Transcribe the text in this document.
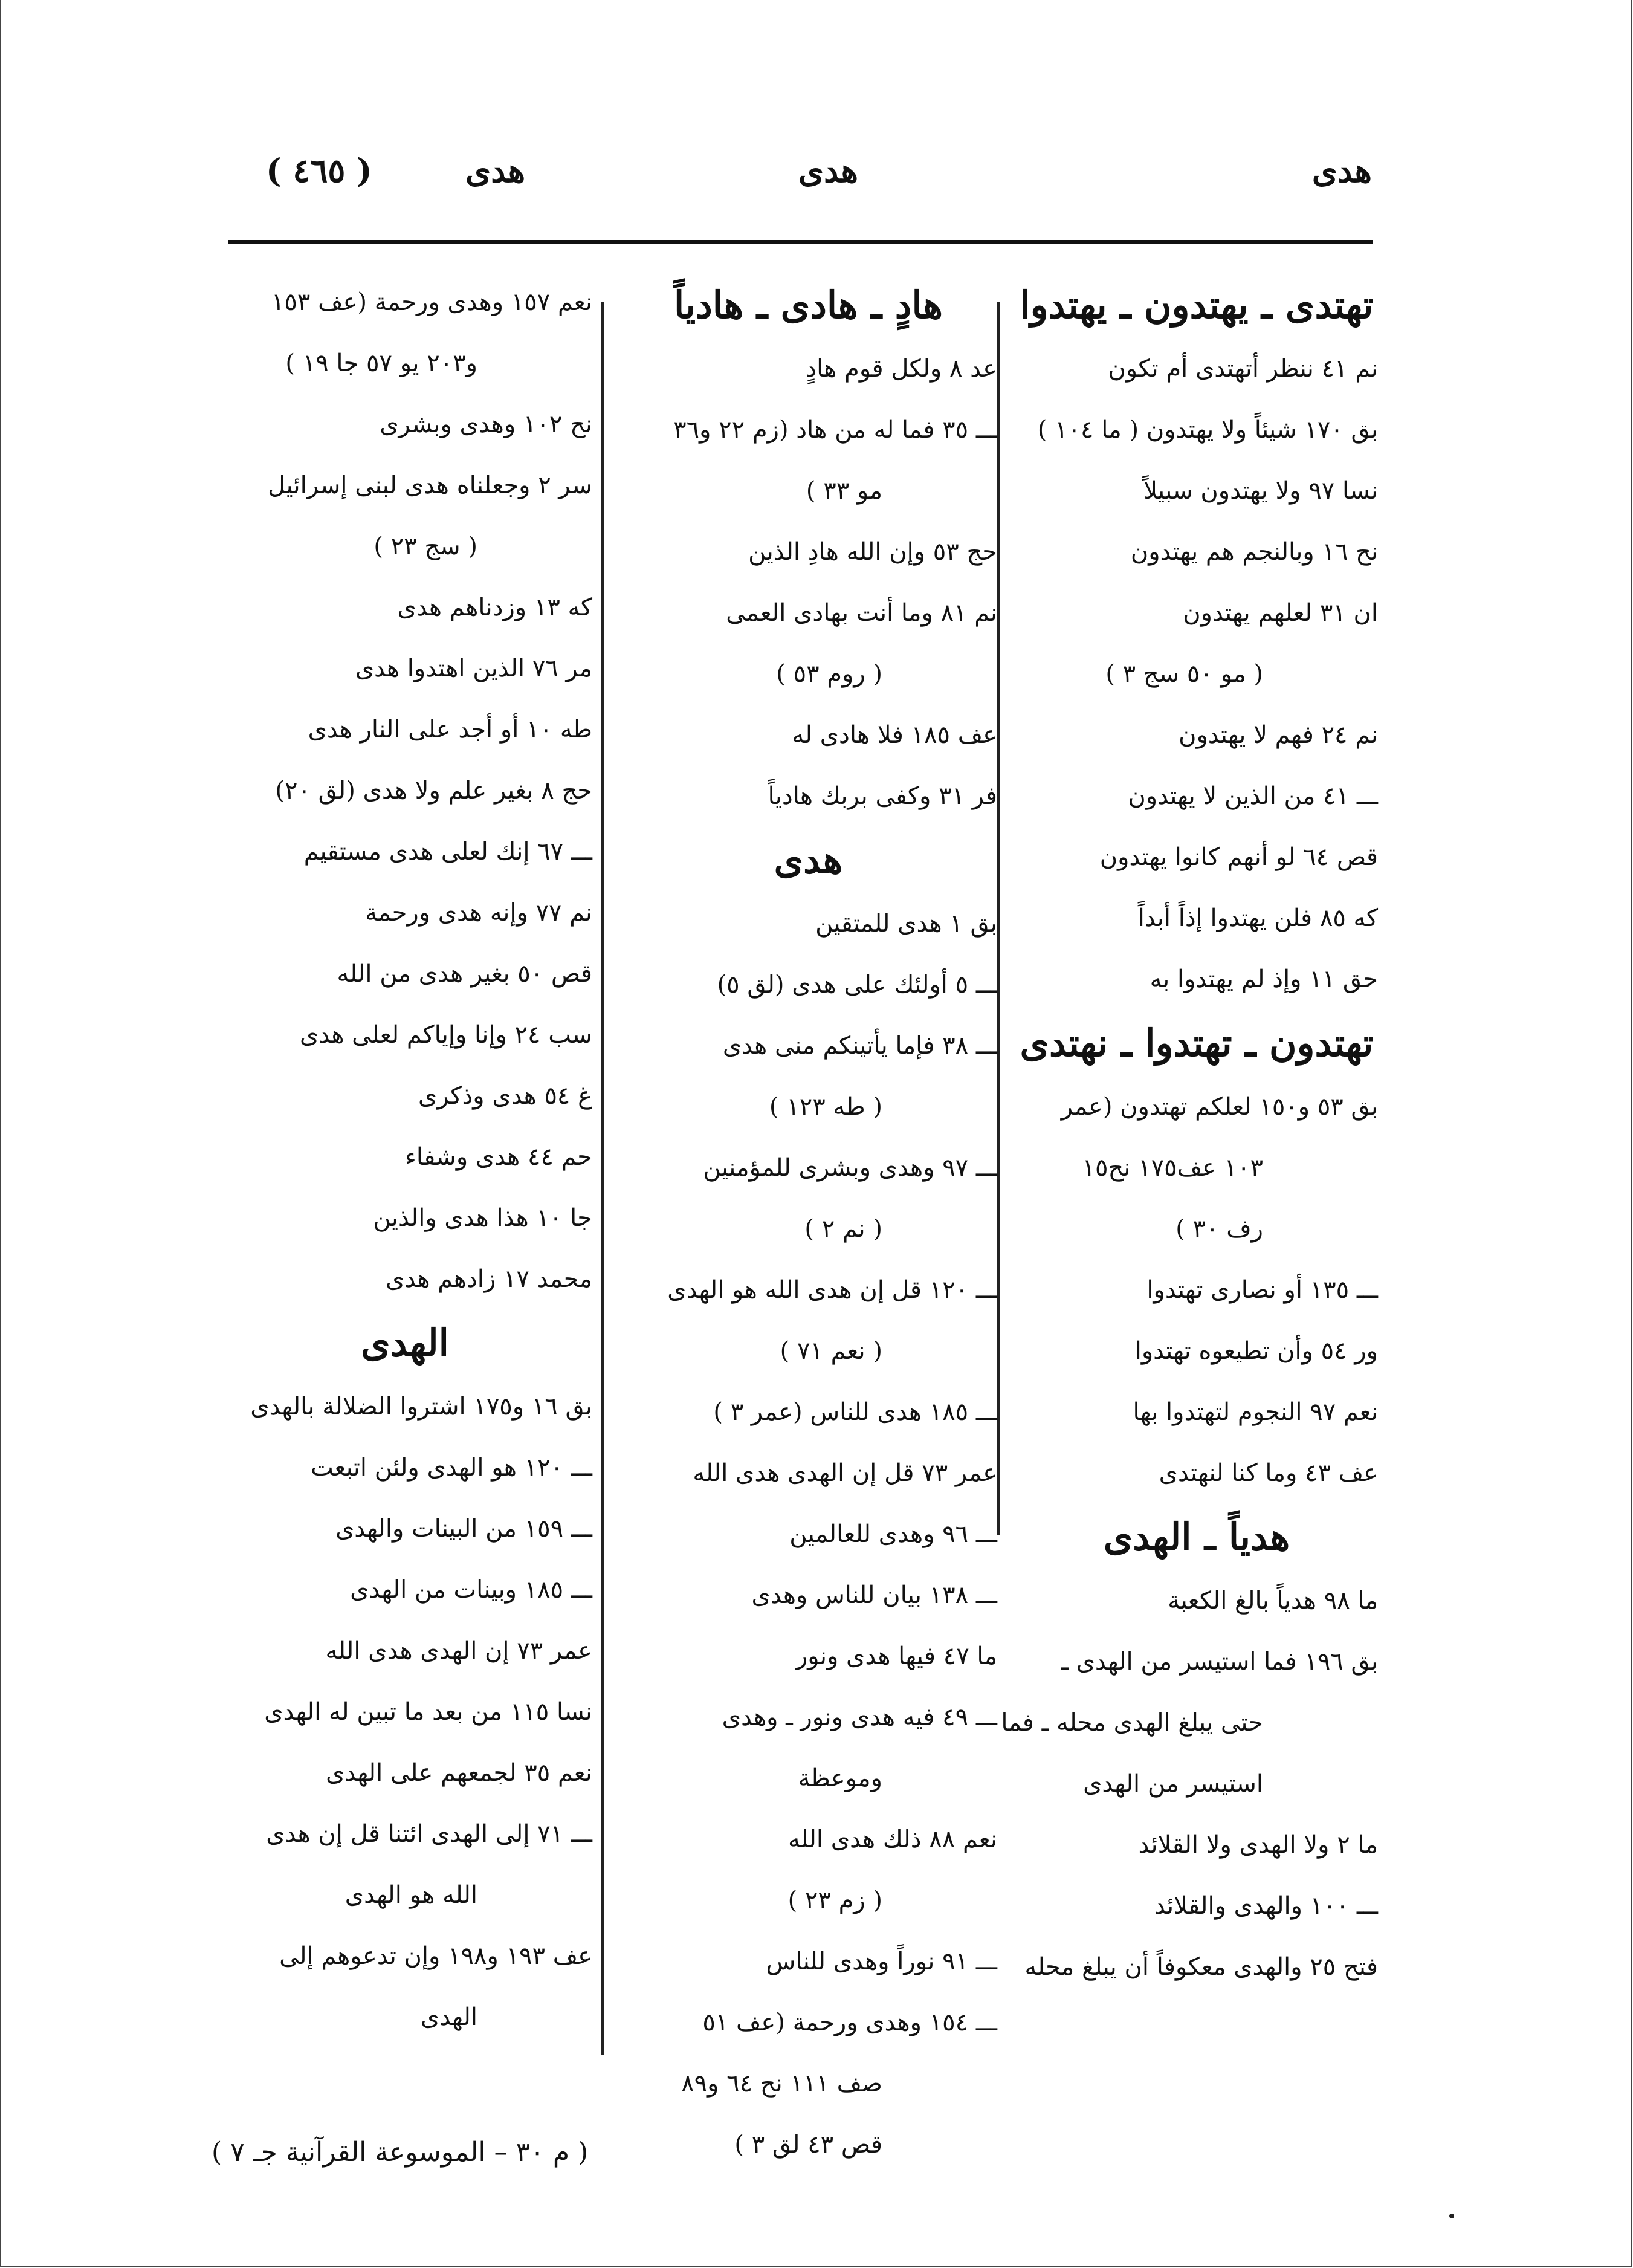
هدى
هدى
هدى
( ٤٦٥ )
تهتدى ـ يهتدون ـ يهتدوا
نم ٤١ ننظر أتهتدى أم تكون
بق ١٧٠ شيئاً ولا يهتدون ( ما ١٠٤ )
نسا ٩٧ ولا يهتدون سبيلاً
نح ١٦ وبالنجم هم يهتدون
ان ٣١ لعلهم يهتدون
( مو ٥٠ سج ٣ )
نم ٢٤ فهم لا يهتدون
ـــ ٤١ من الذين لا يهتدون
قص ٦٤ لو أنهم كانوا يهتدون
كه ٨٥ فلن يهتدوا إذاً أبداً
حق ١١ وإذ لم يهتدوا به
تهتدون ـ تهتدوا ـ نهتدى
بق ٥٣ و١٥٠ لعلكم تهتدون (عمر
١٠٣ عف١٧٥ نح١٥
رف ٣٠ )
ـــ ١٣٥ أو نصارى تهتدوا
ور ٥٤ وأن تطيعوه تهتدوا
نعم ٩٧ النجوم لتهتدوا بها
عف ٤٣ وما كنا لنهتدى
هدياً ـ الهدى
ما ٩٨ هدياً بالغ الكعبة
بق ١٩٦ فما استيسر من الهدى ـ
حتى يبلغ الهدى محله ـ فما
استيسر من الهدى
ما ٢ ولا الهدى ولا القلائد
ـــ ١٠٠ والهدى والقلائد
فتح ٢٥ والهدى معكوفاً أن يبلغ محله
هادٍ ـ هادى ـ هادياً
عد ٨ ولكل قوم هادٍ
ـــ ٣٥ فما له من هاد (زم ٢٢ و٣٦
مو ٣٣ )
حج ٥٣ وإن الله هادِ الذين
نم ٨١ وما أنت بهادى العمى
( روم ٥٣ )
عف ١٨٥ فلا هادى له
فر ٣١ وكفى بربك هادياً
هدى
بق ١ هدى للمتقين
ـــ ٥ أولئك على هدى (لق ٥)
ـــ ٣٨ فإما يأتينكم منى هدى
( طه ١٢٣ )
ـــ ٩٧ وهدى وبشرى للمؤمنين
( نم ٢ )
ـــ ١٢٠ قل إن هدى الله هو الهدى
( نعم ٧١ )
ـــ ١٨٥ هدى للناس (عمر ٣ )
عمر ٧٣ قل إن الهدى هدى الله
ـــ ٩٦ وهدى للعالمين
ـــ ١٣٨ بيان للناس وهدى
ما ٤٧ فيها هدى ونور
ـــ ٤٩ فيه هدى ونور ـ وهدى
وموعظة
نعم ٨٨ ذلك هدى الله
( زم ٢٣ )
ـــ ٩١ نوراً وهدى للناس
ـــ ١٥٤ وهدى ورحمة (عف ٥١
صف ١١١ نح ٦٤ و٨٩
قص ٤٣ لق ٣ )
نعم ١٥٧ وهدى ورحمة (عف ١٥٣
و٢٠٣ يو ٥٧ جا ١٩ )
نح ١٠٢ وهدى وبشرى
سر ٢ وجعلناه هدى لبنى إسرائيل
( سج ٢٣ )
كه ١٣ وزدناهم هدى
مر ٧٦ الذين اهتدوا هدى
طه ١٠ أو أجد على النار هدى
حج ٨ بغير علم ولا هدى (لق ٢٠)
ـــ ٦٧ إنك لعلى هدى مستقيم
نم ٧٧ وإنه هدى ورحمة
قص ٥٠ بغير هدى من الله
سب ٢٤ وإنا وإياكم لعلى هدى
غ ٥٤ هدى وذكرى
حم ٤٤ هدى وشفاء
جا ١٠ هذا هدى والذين
محمد ١٧ زادهم هدى
الهدى
بق ١٦ و١٧٥ اشتروا الضلالة بالهدى
ـــ ١٢٠ هو الهدى ولئن اتبعت
ـــ ١٥٩ من البينات والهدى
ـــ ١٨٥ وبينات من الهدى
عمر ٧٣ إن الهدى هدى الله
نسا ١١٥ من بعد ما تبين له الهدى
نعم ٣٥ لجمعهم على الهدى
ـــ ٧١ إلى الهدى ائتنا قل إن هدى
الله هو الهدى
عف ١٩٣ و١٩٨ وإن تدعوهم إلى
الهدى
( م ٣٠ – الموسوعة القرآنية جـ ٧ )
